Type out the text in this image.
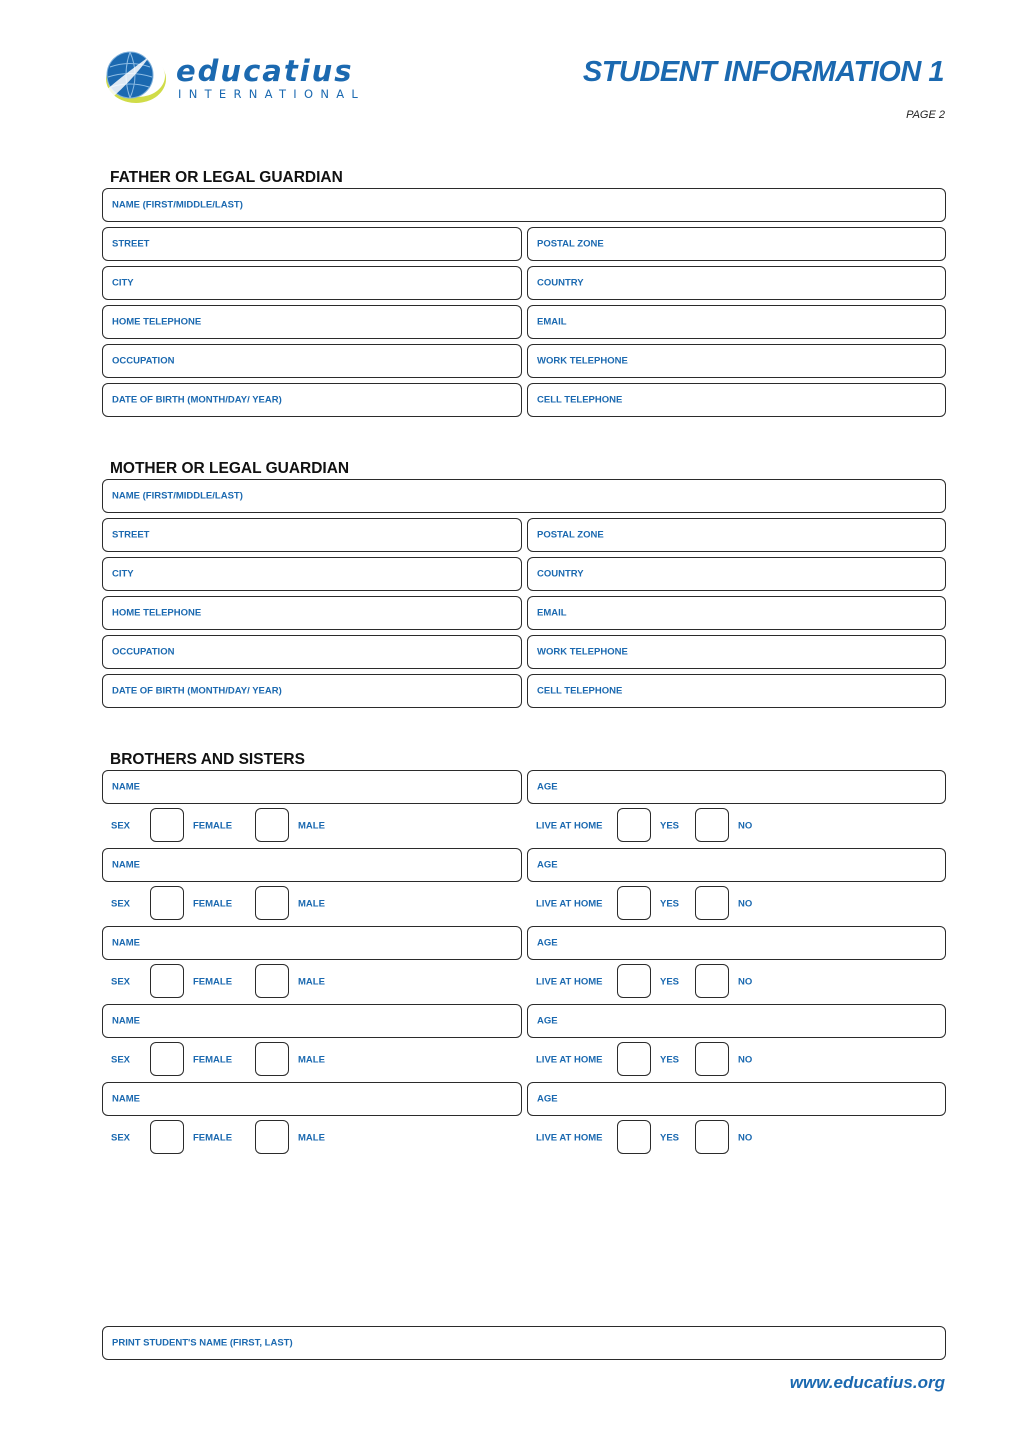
educatius
INTERNATIONAL
STUDENT INFORMATION 1
PAGE 2
FATHER OR LEGAL GUARDIAN
NAME (FIRST/MIDDLE/LAST)
STREET	POSTAL ZONE
CITY	COUNTRY
HOME TELEPHONE	EMAIL
OCCUPATION	WORK TELEPHONE
DATE OF BIRTH (MONTH/DAY/ YEAR)	CELL TELEPHONE
MOTHER OR LEGAL GUARDIAN
NAME (FIRST/MIDDLE/LAST)
STREET	POSTAL ZONE
CITY	COUNTRY
HOME TELEPHONE	EMAIL
OCCUPATION	WORK TELEPHONE
DATE OF BIRTH (MONTH/DAY/ YEAR)	CELL TELEPHONE
BROTHERS AND SISTERS
NAME	AGE
SEX	FEMALE	MALE	LIVE AT HOME	YES	NO
NAME	AGE
SEX	FEMALE	MALE	LIVE AT HOME	YES	NO
NAME	AGE
SEX	FEMALE	MALE	LIVE AT HOME	YES	NO
NAME	AGE
SEX	FEMALE	MALE	LIVE AT HOME	YES	NO
NAME	AGE
SEX	FEMALE	MALE	LIVE AT HOME	YES	NO
PRINT STUDENT'S NAME (FIRST, LAST)
www.educatius.org
